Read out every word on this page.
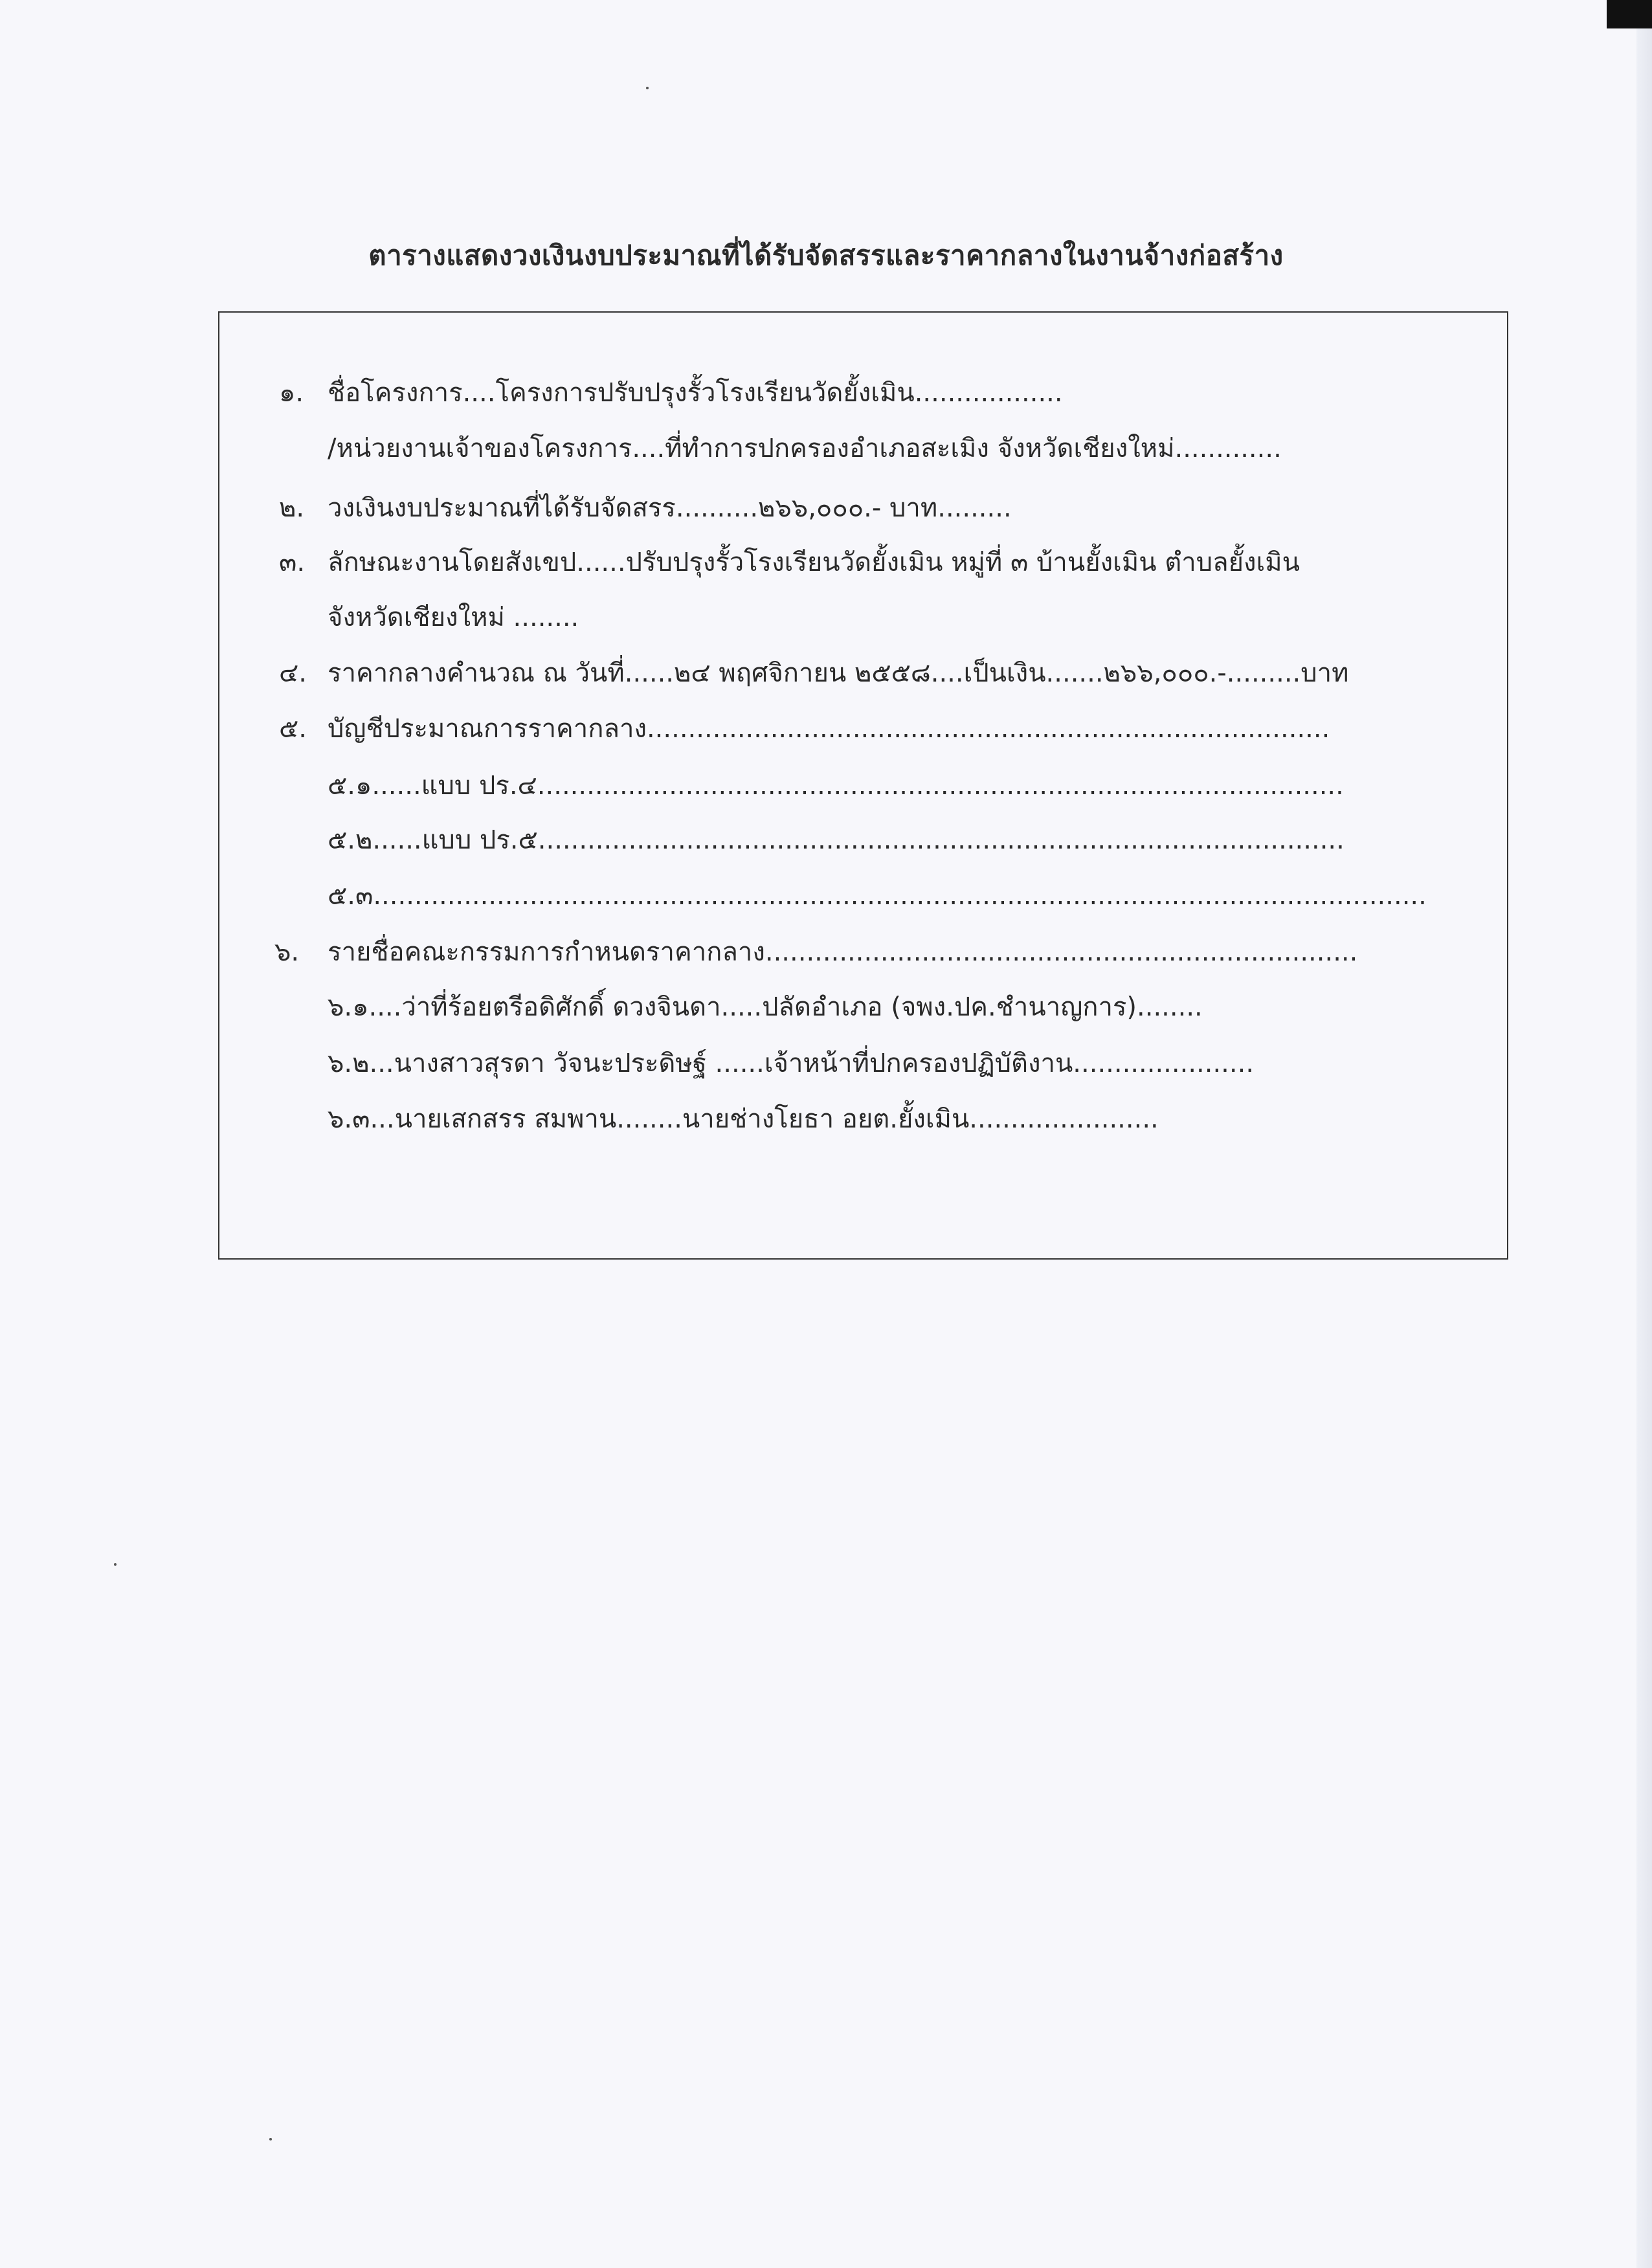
ตารางแสดงวงเงินงบประมาณที่ได้รับจัดสรรและราคากลางในงานจ้างก่อสร้าง
๑. ชื่อโครงการ....โครงการปรับปรุงรั้วโรงเรียนวัดยั้งเมิน..................
/หน่วยงานเจ้าของโครงการ....ที่ทำการปกครองอำเภอสะเมิง จังหวัดเชียงใหม่.............
๒. วงเงินงบประมาณที่ได้รับจัดสรร..........๒๖๖,๐๐๐.- บาท.........
๓. ลักษณะงานโดยสังเขป......ปรับปรุงรั้วโรงเรียนวัดยั้งเมิน หมู่ที่ ๓ บ้านยั้งเมิน ตำบลยั้งเมิน
จังหวัดเชียงใหม่ ........
๔. ราคากลางคำนวณ ณ วันที่......๒๔ พฤศจิกายน ๒๕๕๘....เป็นเงิน.......๒๖๖,๐๐๐.-.........บาท
๕. บัญชีประมาณการราคากลาง...................................................................................
๕.๑......แบบ ปร.๔..................................................................................................
๕.๒......แบบ ปร.๕..................................................................................................
๕.๓................................................................................................................................
๖. รายชื่อคณะกรรมการกำหนดราคากลาง........................................................................
๖.๑....ว่าที่ร้อยตรีอดิศักดิ์ ดวงจินดา.....ปลัดอำเภอ (จพง.ปค.ชำนาญการ)........
๖.๒...นางสาวสุรดา วัจนะประดิษฐ์ ......เจ้าหน้าที่ปกครองปฏิบัติงาน......................
๖.๓...นายเสกสรร สมพาน........นายช่างโยธา อยต.ยั้งเมิน.......................
